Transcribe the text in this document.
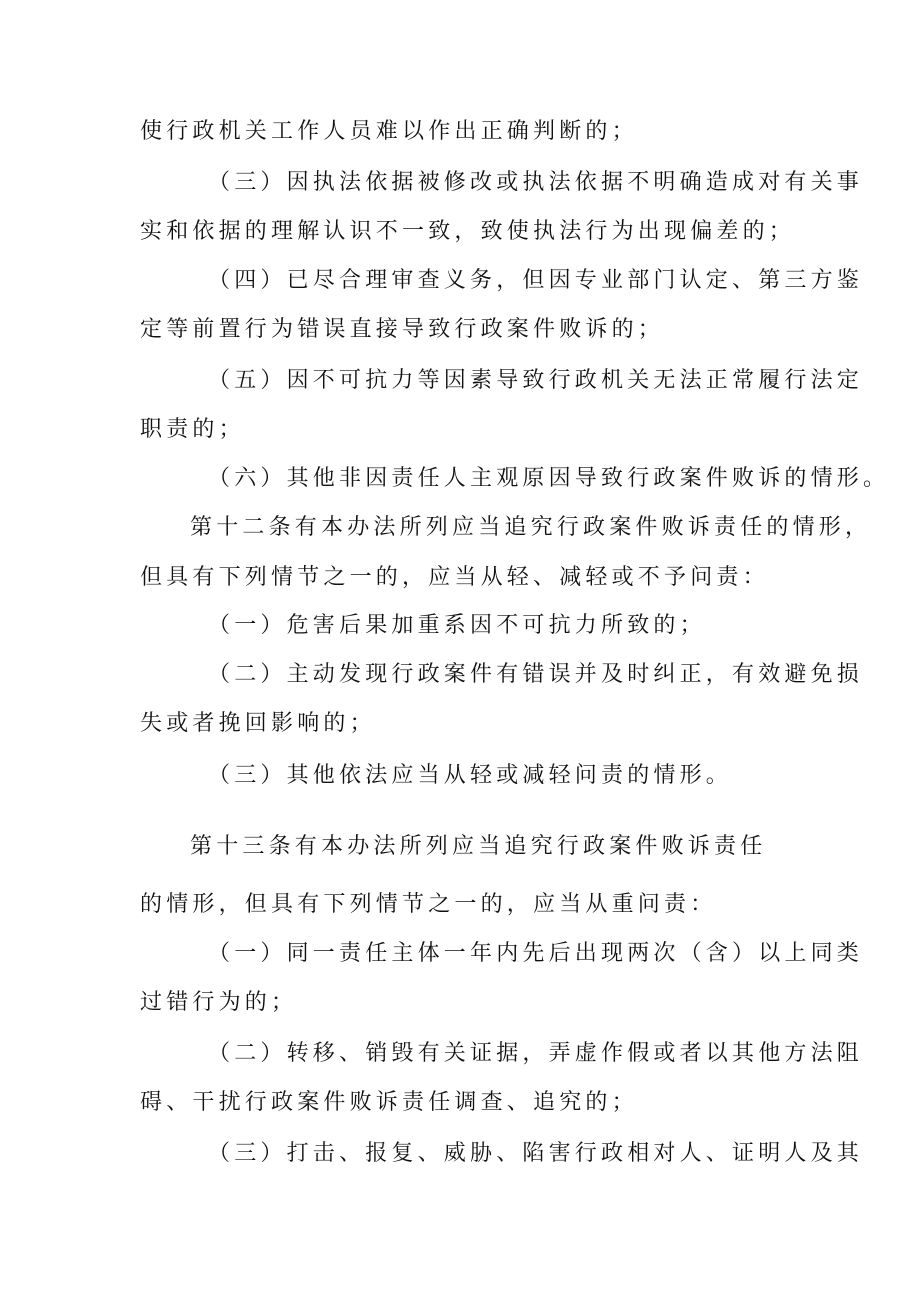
使行政机关工作人员难以作出正确判断的；
（三）因执法依据被修改或执法依据不明确造成对有关事
实和依据的理解认识不一致，致使执法行为出现偏差的；
（四）已尽合理审查义务，但因专业部门认定、第三方鉴
定等前置行为错误直接导致行政案件败诉的；
（五）因不可抗力等因素导致行政机关无法正常履行法定
职责的；
（六）其他非因责任人主观原因导致行政案件败诉的情形。
第十二条有本办法所列应当追究行政案件败诉责任的情形，
但具有下列情节之一的，应当从轻、减轻或不予问责：
（一）危害后果加重系因不可抗力所致的；
（二）主动发现行政案件有错误并及时纠正，有效避免损
失或者挽回影响的；
（三）其他依法应当从轻或减轻问责的情形。
第十三条有本办法所列应当追究行政案件败诉责任
的情形，但具有下列情节之一的，应当从重问责：
（一）同一责任主体一年内先后出现两次（含）以上同类
过错行为的；
（二）转移、销毁有关证据，弄虚作假或者以其他方法阻
碍、干扰行政案件败诉责任调查、追究的；
（三）打击、报复、威胁、陷害行政相对人、证明人及其
